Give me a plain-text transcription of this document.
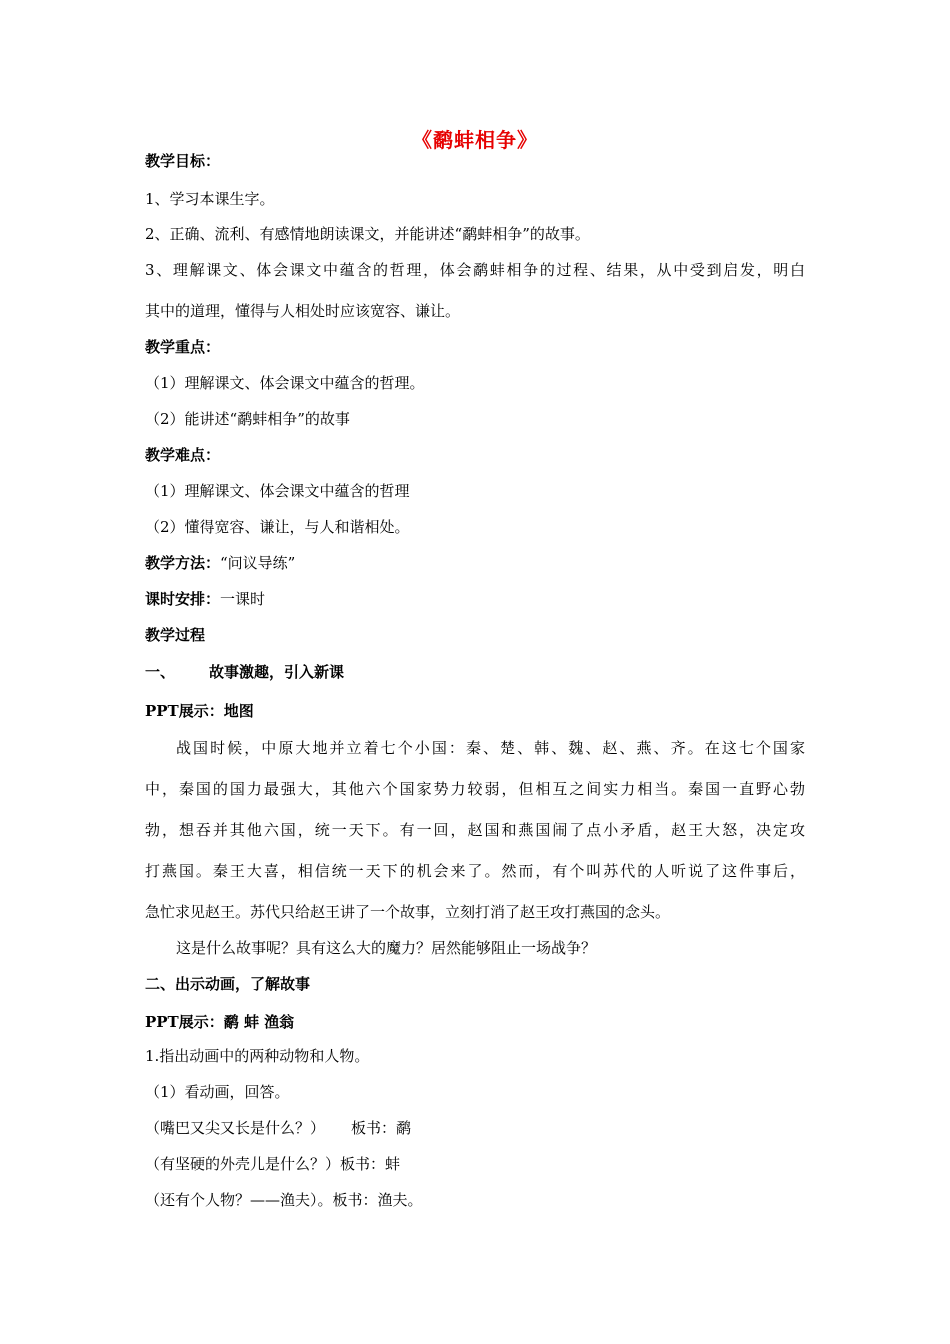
《鹬蚌相争》
教学目标：
1、学习本课生字。
2、正确、流利、有感情地朗读课文，并能讲述“鹬蚌相争”的故事。
3、理解课文、体会课文中蕴含的哲理，体会鹬蚌相争的过程、结果，从中受到启发，明白
其中的道理，懂得与人相处时应该宽容、谦让。
教学重点：
（1）理解课文、体会课文中蕴含的哲理。
（2）能讲述“鹬蚌相争”的故事
教学难点：
（1）理解课文、体会课文中蕴含的哲理
（2）懂得宽容、谦让，与人和谐相处。
教学方法：“问议导练”
课时安排：一课时
教学过程
一、 故事激趣，引入新课
PPT展示：地图
战国时候，中原大地并立着七个小国：秦、楚、韩、魏、赵、燕、齐。在这七个国家
中，秦国的国力最强大，其他六个国家势力较弱，但相互之间实力相当。秦国一直野心勃
勃，想吞并其他六国，统一天下。有一回，赵国和燕国闹了点小矛盾，赵王大怒，决定攻
打燕国。秦王大喜，相信统一天下的机会来了。然而，有个叫苏代的人听说了这件事后，
急忙求见赵王。苏代只给赵王讲了一个故事，立刻打消了赵王攻打燕国的念头。
这是什么故事呢？具有这么大的魔力？居然能够阻止一场战争？
二、出示动画，了解故事
PPT展示：鹬 蚌 渔翁
1.指出动画中的两种动物和人物。
（1）看动画，回答。
（嘴巴又尖又长是什么？） 板书：鹬
（有坚硬的外壳儿是什么？）板书：蚌
（还有个人物？——渔夫）。板书：渔夫。
